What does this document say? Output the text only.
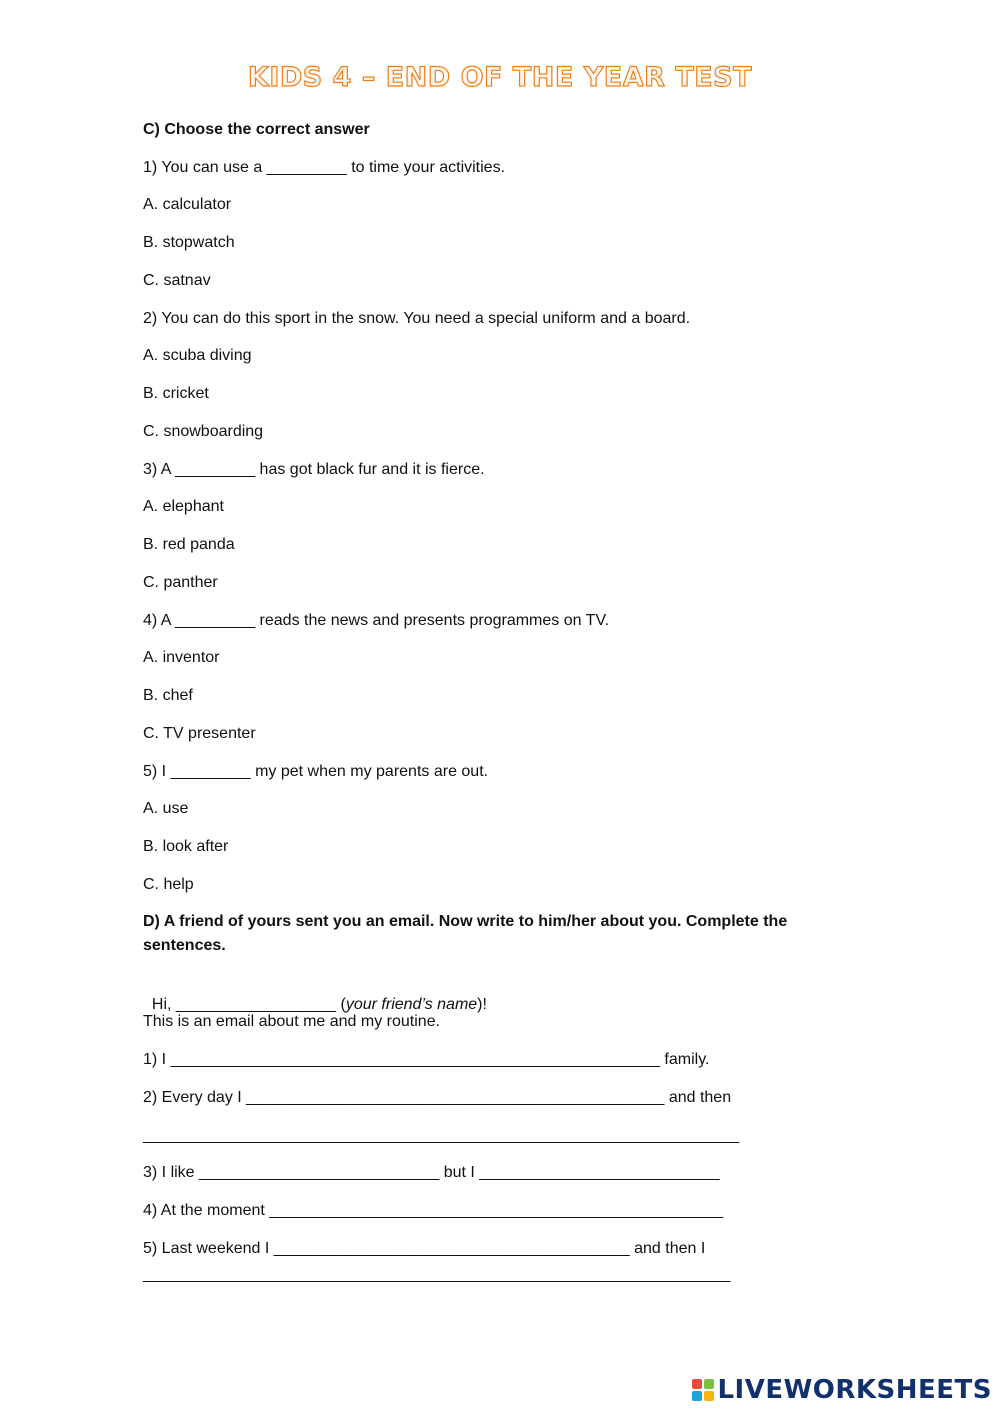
KIDS 4 – END OF THE YEAR TEST
C) Choose the correct answer
1) You can use a _________ to time your activities.
A. calculator
B. stopwatch
C. satnav
2) You can do this sport in the snow. You need a special uniform and a board.
A. scuba diving
B. cricket
C. snowboarding
3) A _________ has got black fur and it is fierce.
A. elephant
B. red panda
C. panther
4) A _________ reads the news and presents programmes on TV.
A. inventor
B. chef
C. TV presenter
5) I _________ my pet when my parents are out.
A. use
B. look after
C. help
D) A friend of yours sent you an email. Now write to him/her about you. Complete the sentences.

Hi, __________________ (your friend’s name)!

This is an email about me and my routine.
1) I _______________________________________________________ family.
2) Every day I _______________________________________________ and then
___________________________________________________________________
3) I like ___________________________ but I ___________________________
4) At the moment ___________________________________________________
5) Last weekend I ________________________________________ and then I
__________________________________________________________________
LIVEWORKSHEETS
